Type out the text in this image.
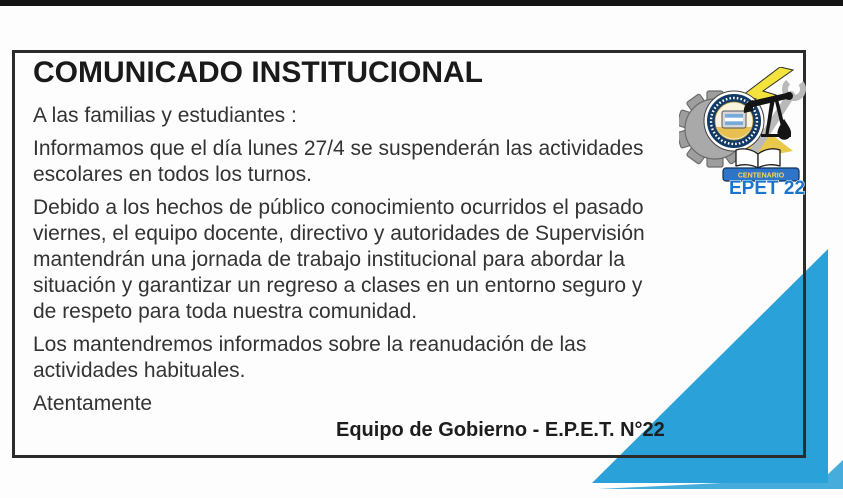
COMUNICADO INSTITUCIONAL
A las familias y estudiantes :
Informamos que el día lunes 27/4 se suspenderán las actividades
escolares en todos los turnos.
Debido a los hechos de público conocimiento ocurridos el pasado
viernes, el equipo docente, directivo y autoridades de Supervisión
mantendrán una jornada de trabajo institucional para abordar la
situación y garantizar un regreso a clases en un entorno seguro y
de respeto para toda nuestra comunidad.
Los mantendremos informados sobre la reanudación de las
actividades habituales.
Atentamente
Equipo de Gobierno - E.P.E.T. N°22
CENTENARIO
EPET 22
